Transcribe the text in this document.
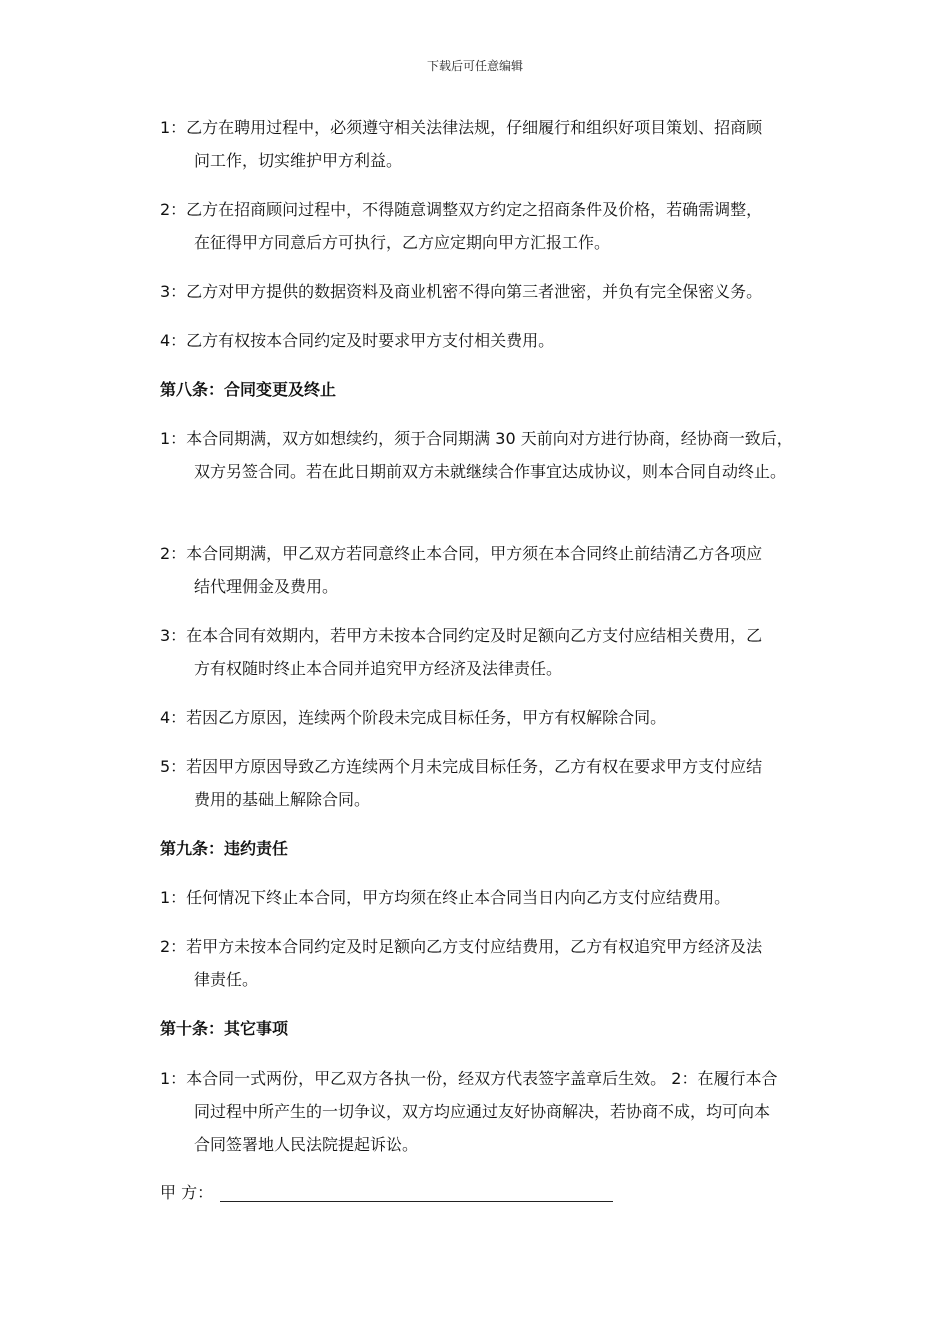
下载后可任意编辑
1：乙方在聘用过程中，必须遵守相关法律法规，仔细履行和组织好项目策划、招商顾
问工作，切实维护甲方利益。
2：乙方在招商顾问过程中，不得随意调整双方约定之招商条件及价格，若确需调整，
在征得甲方同意后方可执行，乙方应定期向甲方汇报工作。
3：乙方对甲方提供的数据资料及商业机密不得向第三者泄密，并负有完全保密义务。
4：乙方有权按本合同约定及时要求甲方支付相关费用。
第八条：合同变更及终止
1：本合同期满，双方如想续约，须于合同期满 30 天前向对方进行协商，经协商一致后，
双方另签合同。若在此日期前双方未就继续合作事宜达成协议，则本合同自动终止。
2：本合同期满，甲乙双方若同意终止本合同，甲方须在本合同终止前结清乙方各项应
结代理佣金及费用。
3：在本合同有效期内，若甲方未按本合同约定及时足额向乙方支付应结相关费用，乙
方有权随时终止本合同并追究甲方经济及法律责任。
4：若因乙方原因，连续两个阶段未完成目标任务，甲方有权解除合同。
5：若因甲方原因导致乙方连续两个月未完成目标任务，乙方有权在要求甲方支付应结
费用的基础上解除合同。
第九条：违约责任
1：任何情况下终止本合同，甲方均须在终止本合同当日内向乙方支付应结费用。
2：若甲方未按本合同约定及时足额向乙方支付应结费用，乙方有权追究甲方经济及法
律责任。
第十条：其它事项
1：本合同一式两份，甲乙双方各执一份，经双方代表签字盖章后生效。 2：在履行本合
同过程中所产生的一切争议，双方均应通过友好协商解决，若协商不成，均可向本
合同签署地人民法院提起诉讼。
甲 方：
